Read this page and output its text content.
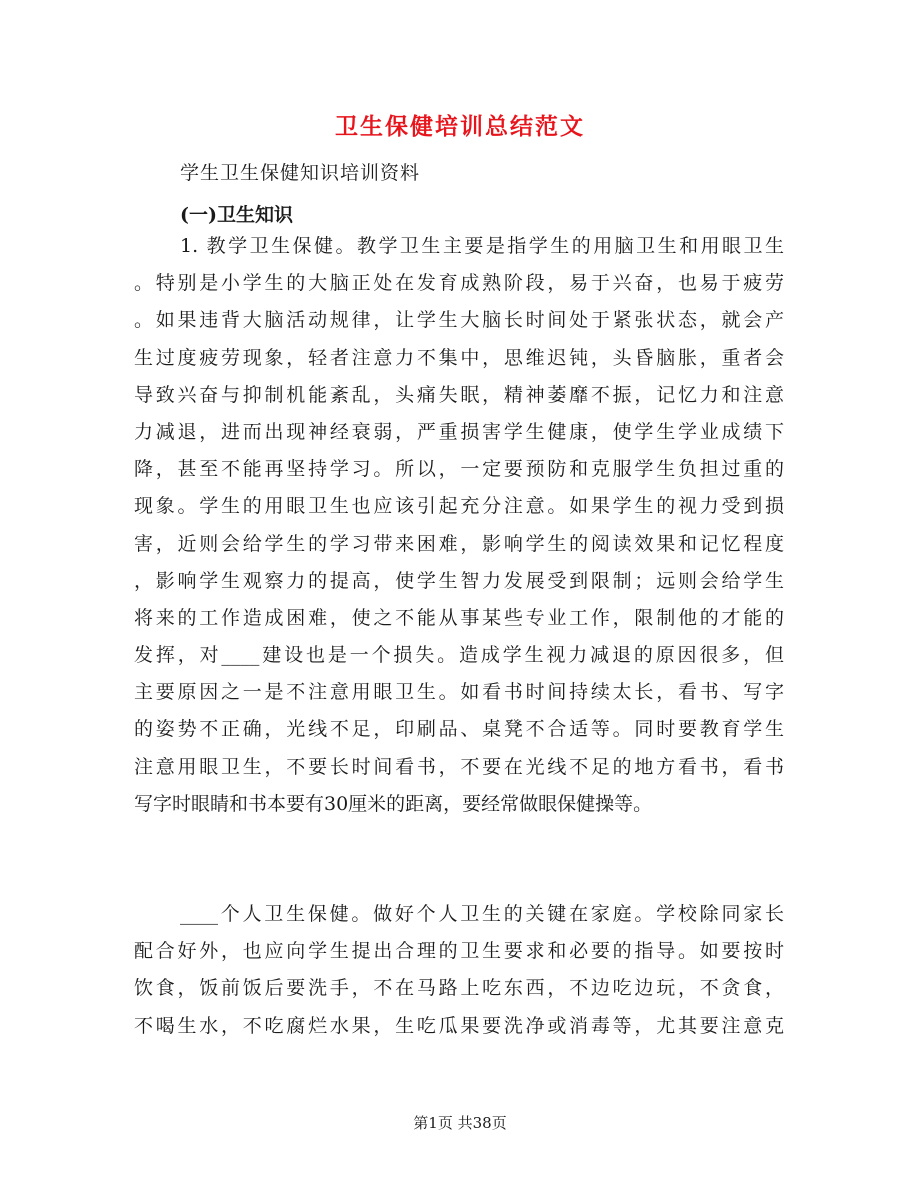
卫生保健培训总结范文

学生卫生保健知识培训资料

(一)卫生知识

1. 教学卫生保健。教学卫生主要是指学生的用脑卫生和用眼卫生
。特别是小学生的大脑正处在发育成熟阶段，易于兴奋，也易于疲劳
。如果违背大脑活动规律，让学生大脑长时间处于紧张状态，就会产
生过度疲劳现象，轻者注意力不集中，思维迟钝，头昏脑胀，重者会
导致兴奋与抑制机能紊乱，头痛失眠，精神萎靡不振，记忆力和注意
力减退，进而出现神经衰弱，严重损害学生健康，使学生学业成绩下
降，甚至不能再坚持学习。所以，一定要预防和克服学生负担过重的
现象。学生的用眼卫生也应该引起充分注意。如果学生的视力受到损
害，近则会给学生的学习带来困难，影响学生的阅读效果和记忆程度
，影响学生观察力的提高，使学生智力发展受到限制；远则会给学生
将来的工作造成困难，使之不能从事某些专业工作，限制他的才能的
发挥，对____建设也是一个损失。造成学生视力减退的原因很多，但
主要原因之一是不注意用眼卫生。如看书时间持续太长，看书、写字
的姿势不正确，光线不足，印刷品、桌凳不合适等。同时要教育学生
注意用眼卫生，不要长时间看书，不要在光线不足的地方看书，看书
写字时眼睛和书本要有30厘米的距离，要经常做眼保健操等。
____个人卫生保健。做好个人卫生的关键在家庭。学校除同家长
配合好外，也应向学生提出合理的卫生要求和必要的指导。如要按时
饮食，饭前饭后要洗手，不在马路上吃东西，不边吃边玩，不贪食，
不喝生水，不吃腐烂水果，生吃瓜果要洗净或消毒等，尤其要注意克

第1页 共38页
